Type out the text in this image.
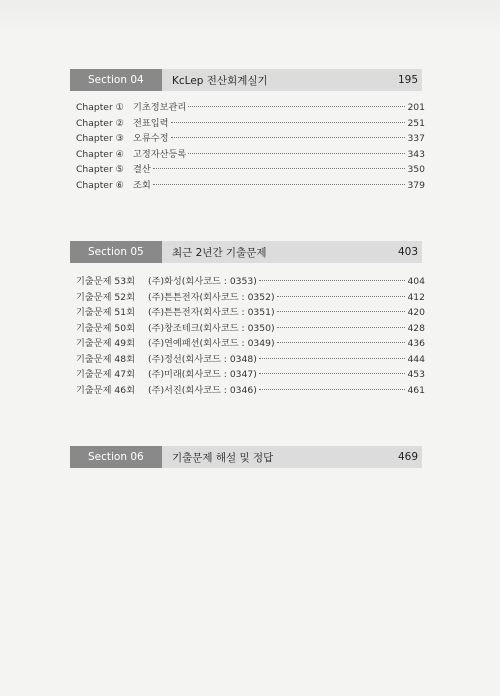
Section 04	KcLep 전산회계실기	195
Chapter ① 기초정보관리	201
Chapter ② 전표입력	251
Chapter ③ 오류수정	337
Chapter ④ 고정자산등록	343
Chapter ⑤ 결산	350
Chapter ⑥ 조회	379
Section 05	최근 2년간 기출문제	403
기출문제 53회	(주)화성(회사코드 : 0353)	404
기출문제 52회	(주)튼튼전자(회사코드 : 0352)	412
기출문제 51회	(주)튼튼전자(회사코드 : 0351)	420
기출문제 50회	(주)창조테크(회사코드 : 0350)	428
기출문제 49회	(주)연예패션(회사코드 : 0349)	436
기출문제 48회	(주)정선(회사코드 : 0348)	444
기출문제 47회	(주)미래(회사코드 : 0347)	453
기출문제 46회	(주)서진(회사코드 : 0346)	461
Section 06	기출문제 해설 및 정답	469
